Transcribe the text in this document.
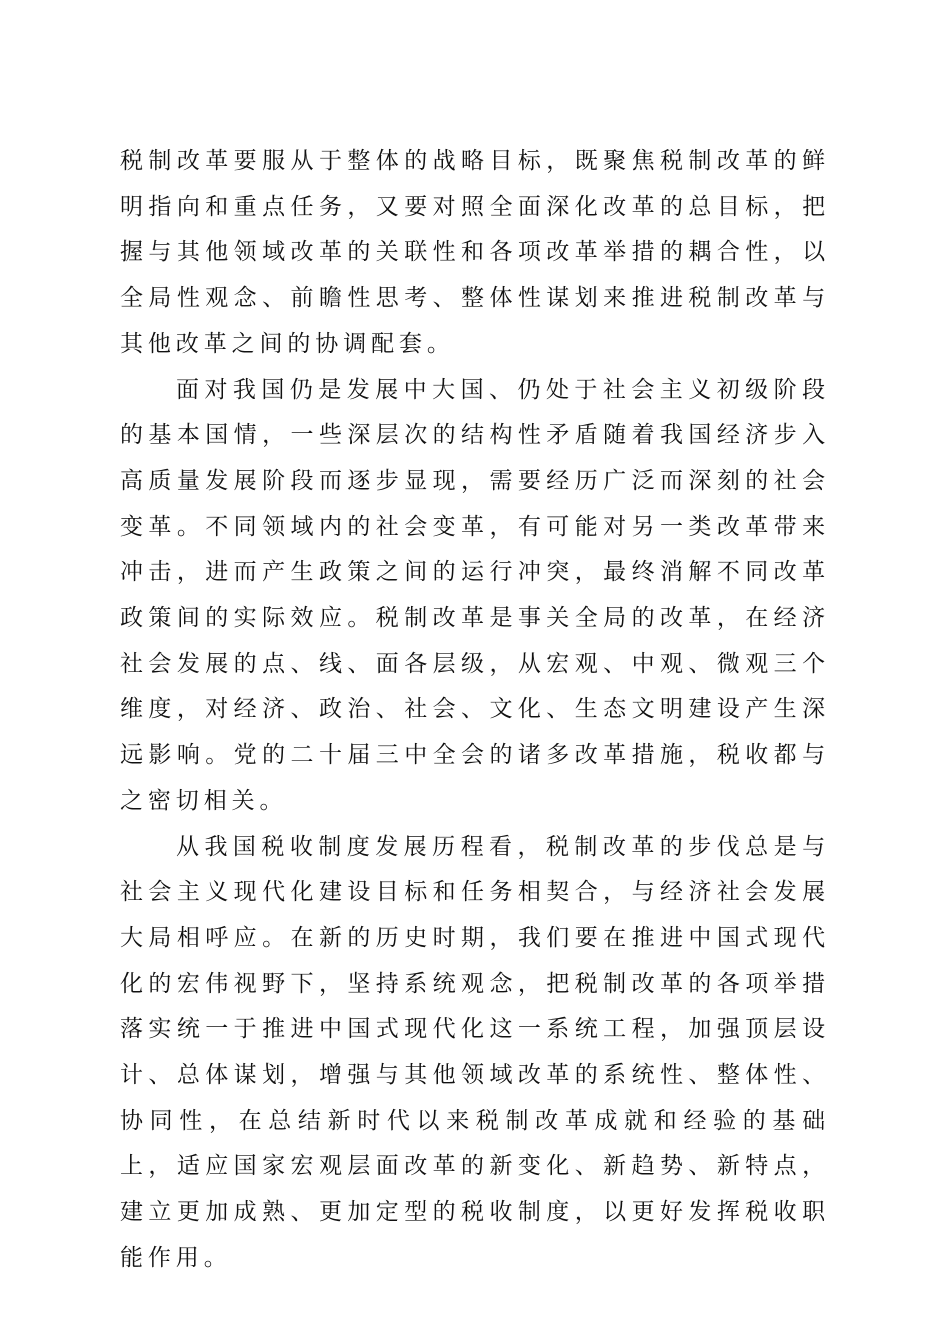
税制改革要服从于整体的战略目标，既聚焦税制改革的鲜明指向和重点任务，又要对照全面深化改革的总目标，把握与其他领域改革的关联性和各项改革举措的耦合性，以全局性观念、前瞻性思考、整体性谋划来推进税制改革与其他改革之间的协调配套。

面对我国仍是发展中大国、仍处于社会主义初级阶段的基本国情，一些深层次的结构性矛盾随着我国经济步入高质量发展阶段而逐步显现，需要经历广泛而深刻的社会变革。不同领域内的社会变革，有可能对另一类改革带来冲击，进而产生政策之间的运行冲突，最终消解不同改革政策间的实际效应。税制改革是事关全局的改革，在经济社会发展的点、线、面各层级，从宏观、中观、微观三个维度，对经济、政治、社会、文化、生态文明建设产生深远影响。党的二十届三中全会的诸多改革措施，税收都与之密切相关。

从我国税收制度发展历程看，税制改革的步伐总是与社会主义现代化建设目标和任务相契合，与经济社会发展大局相呼应。在新的历史时期，我们要在推进中国式现代化的宏伟视野下，坚持系统观念，把税制改革的各项举措落实统一于推进中国式现代化这一系统工程，加强顶层设计、总体谋划，增强与其他领域改革的系统性、整体性、协同性，在总结新时代以来税制改革成就和经验的基础上，适应国家宏观层面改革的新变化、新趋势、新特点，建立更加成熟、更加定型的税收制度，以更好发挥税收职能作用。
